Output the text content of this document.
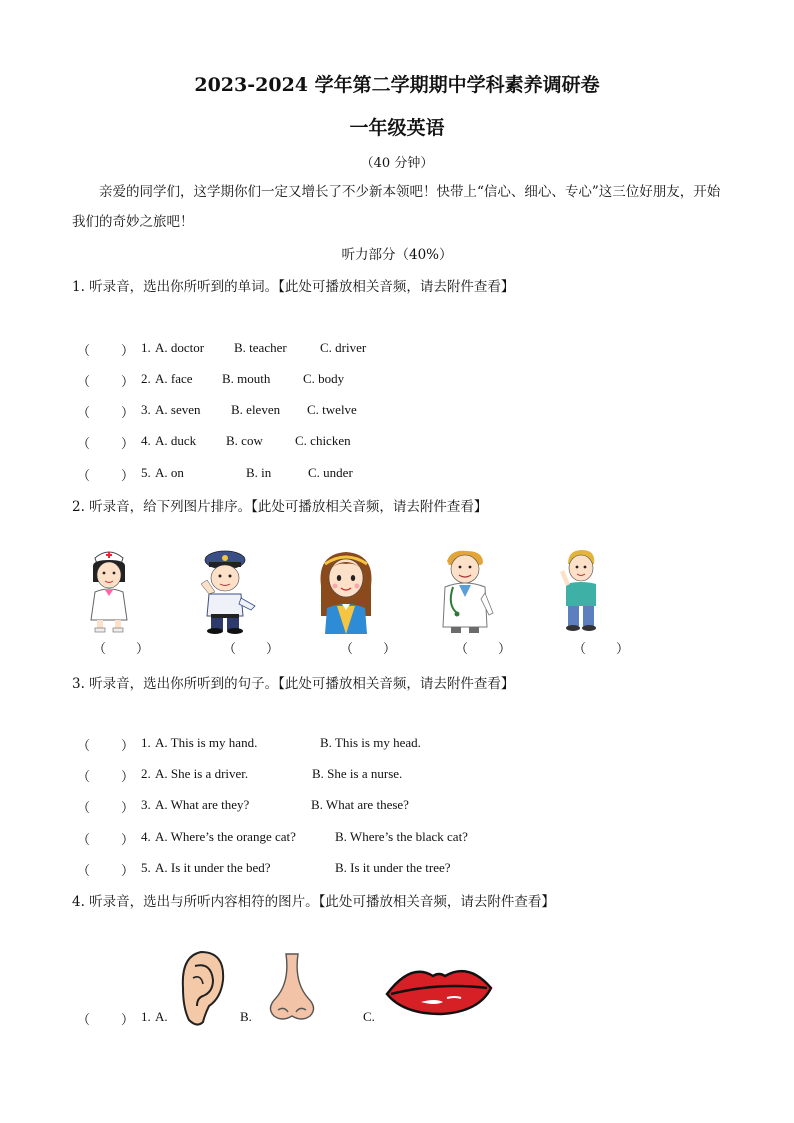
2023-2024 学年第二学期期中学科素养调研卷
一年级英语
（40 分钟）
亲爱的同学们，这学期你们一定又增长了不少新本领吧！快带上“信心、细心、专心”这三位好朋友，开始我们的奇妙之旅吧！
听力部分（40%）
1. 听录音，选出你所听到的单词。【此处可播放相关音频，请去附件查看】
（ ） 1. A. doctor B. teacher	C. driver
（ ） 2. A. face B. mouth	C. body
（ ） 3. A. seven B. eleven C. twelve
（ ） 4. A. duck B. cow C. chicken
（ ） 5. A. on	B. in	C. under
2. 听录音，给下列图片排序。【此处可播放相关音频，请去附件查看】
（ ）	（ ）	（ ）	（ ）	（ ）
3. 听录音，选出你所听到的句子。【此处可播放相关音频，请去附件查看】
（ ） 1. A. This is my hand.	B. This is my head.
（ ） 2. A. She is a driver.	B. She is a nurse.
（ ） 3. A. What are they?	B. What are these?
（ ） 4. A. Where’s the orange cat?	B. Where’s the black cat?
（ ） 5. A. Is it under the bed?	B. Is it under the tree?
4. 听录音，选出与所听内容相符的图片。【此处可播放相关音频，请去附件查看】
（ ） 1. A.	B.	C.
